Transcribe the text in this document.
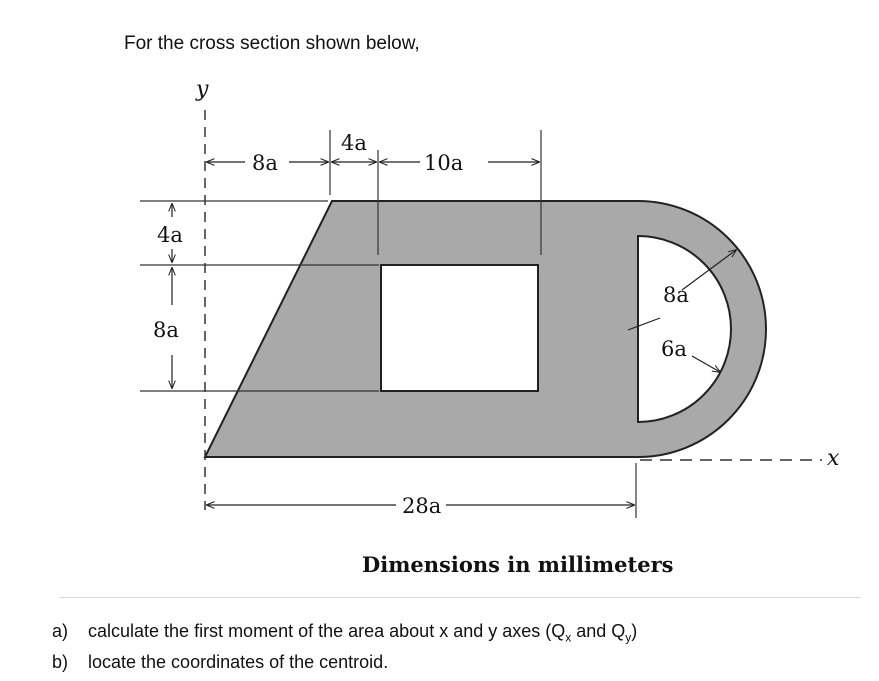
For the cross section shown below,
y
x
8a
4a
10a
4a
8a
8a
6a
28a
Dimensions in millimeters
a)	calculate the first moment of the area about x and y axes ($Q_x$ and $Q_y$)
b)	locate the coordinates of the centroid.
